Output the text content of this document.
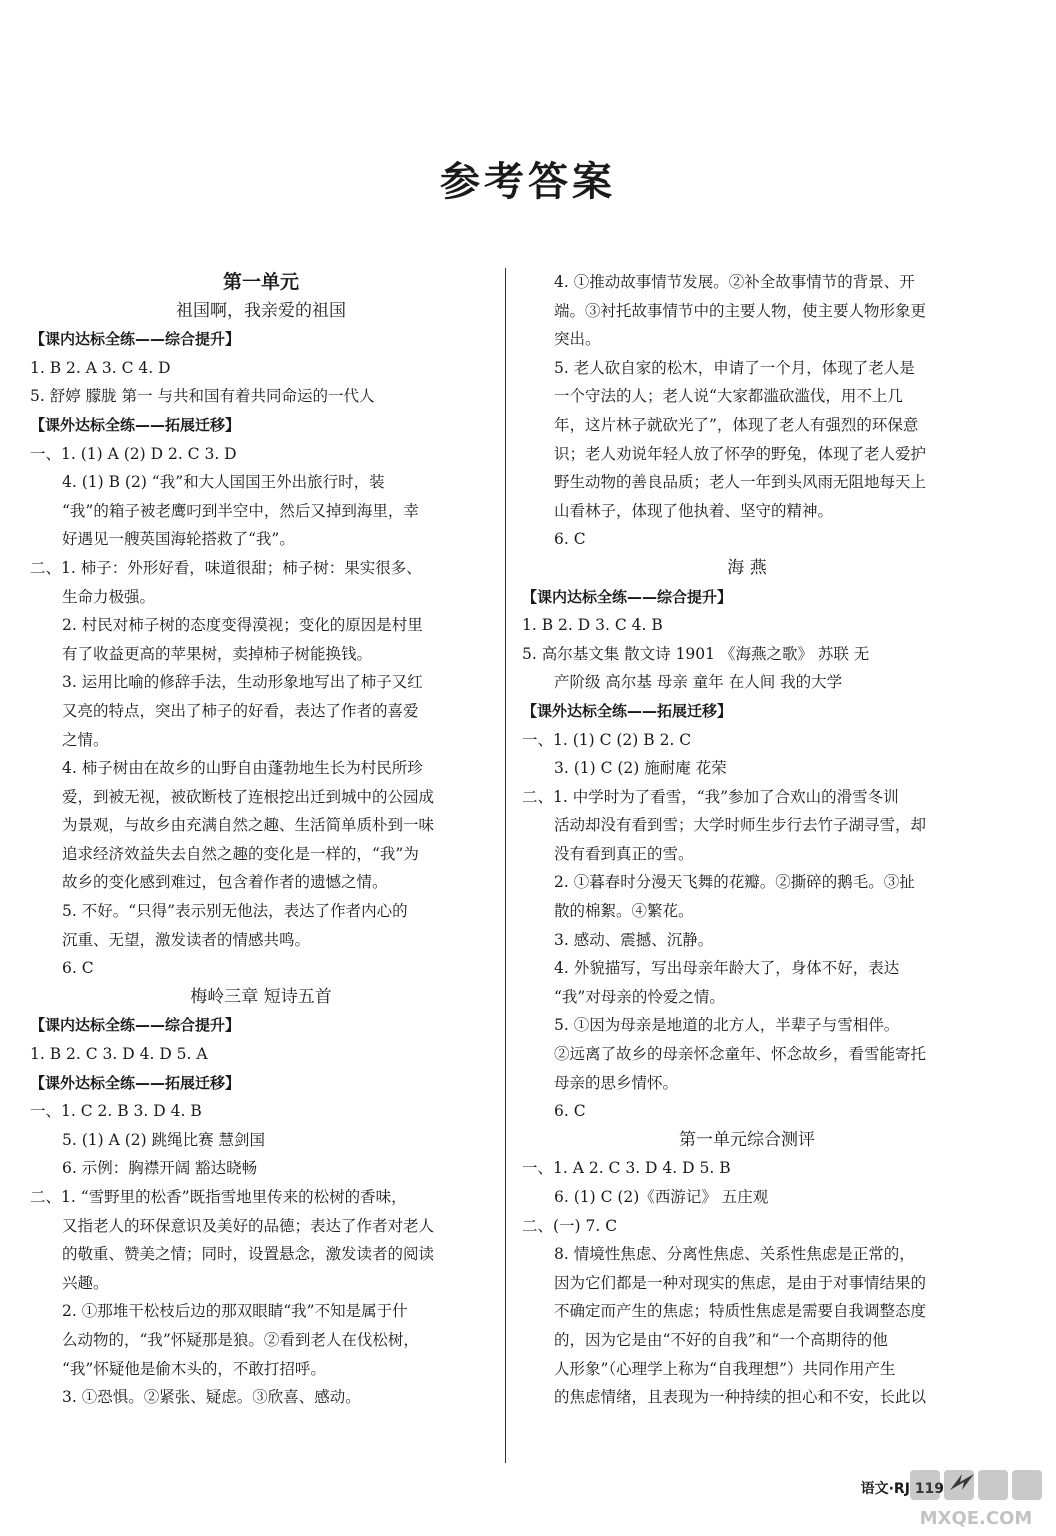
参考答案
第一单元
祖国啊，我亲爱的祖国
【课内达标全练——综合提升】
1. B 2. A 3. C 4. D
5. 舒婷 朦胧 第一 与共和国有着共同命运的一代人
【课外达标全练——拓展迁移】
一、1. (1) A (2) D 2. C 3. D
4. (1) B (2) “我”和大人国国王外出旅行时，装
“我”的箱子被老鹰叼到半空中，然后又掉到海里，幸
好遇见一艘英国海轮搭救了“我”。
二、1. 柿子：外形好看，味道很甜；柿子树：果实很多、
生命力极强。
2. 村民对柿子树的态度变得漠视；变化的原因是村里
有了收益更高的苹果树，卖掉柿子树能换钱。
3. 运用比喻的修辞手法，生动形象地写出了柿子又红
又亮的特点，突出了柿子的好看，表达了作者的喜爱
之情。
4. 柿子树由在故乡的山野自由蓬勃地生长为村民所珍
爱，到被无视，被砍断枝了连根挖出迁到城中的公园成
为景观，与故乡由充满自然之趣、生活简单质朴到一味
追求经济效益失去自然之趣的变化是一样的，“我”为
故乡的变化感到难过，包含着作者的遗憾之情。
5. 不好。“只得”表示别无他法，表达了作者内心的
沉重、无望，激发读者的情感共鸣。
6. C
梅岭三章 短诗五首
【课内达标全练——综合提升】
1. B 2. C 3. D 4. D 5. A
【课外达标全练——拓展迁移】
一、1. C 2. B 3. D 4. B
5. (1) A (2) 跳绳比赛 慧剑国
6. 示例：胸襟开阔 豁达晓畅
二、1. “雪野里的松香”既指雪地里传来的松树的香味，
又指老人的环保意识及美好的品德；表达了作者对老人
的敬重、赞美之情；同时，设置悬念，激发读者的阅读
兴趣。
2. ①那堆干松枝后边的那双眼睛“我”不知是属于什
么动物的，“我”怀疑那是狼。②看到老人在伐松树，
“我”怀疑他是偷木头的，不敢打招呼。
3. ①恐惧。②紧张、疑虑。③欣喜、感动。
4. ①推动故事情节发展。②补全故事情节的背景、开
端。③衬托故事情节中的主要人物，使主要人物形象更
突出。
5. 老人砍自家的松木，申请了一个月，体现了老人是
一个守法的人；老人说“大家都滥砍滥伐，用不上几
年，这片林子就砍光了”，体现了老人有强烈的环保意
识；老人劝说年轻人放了怀孕的野兔，体现了老人爱护
野生动物的善良品质；老人一年到头风雨无阻地每天上
山看林子，体现了他执着、坚守的精神。
6. C
海 燕
【课内达标全练——综合提升】
1. B 2. D 3. C 4. B
5. 高尔基文集 散文诗 1901 《海燕之歌》 苏联 无
产阶级 高尔基 母亲 童年 在人间 我的大学
【课外达标全练——拓展迁移】
一、1. (1) C (2) B 2. C
3. (1) C (2) 施耐庵 花荣
二、1. 中学时为了看雪，“我”参加了合欢山的滑雪冬训
活动却没有看到雪；大学时师生步行去竹子湖寻雪，却
没有看到真正的雪。
2. ①暮春时分漫天飞舞的花瓣。②撕碎的鹅毛。③扯
散的棉絮。④繁花。
3. 感动、震撼、沉静。
4. 外貌描写，写出母亲年龄大了，身体不好，表达
“我”对母亲的怜爱之情。
5. ①因为母亲是地道的北方人，半辈子与雪相伴。
②远离了故乡的母亲怀念童年、怀念故乡，看雪能寄托
母亲的思乡情怀。
6. C
第一单元综合测评
一、1. A 2. C 3. D 4. D 5. B
6. (1) C (2)《西游记》 五庄观
二、(一) 7. C
8. 情境性焦虑、分离性焦虑、关系性焦虑是正常的，
因为它们都是一种对现实的焦虑，是由于对事情结果的
不确定而产生的焦虑；特质性焦虑是需要自我调整态度
的，因为它是由“不好的自我”和“一个高期待的他
人形象”（心理学上称为“自我理想”）共同作用产生
的焦虑情绪，且表现为一种持续的担心和不安，长此以
语文·RJ 119
MXQE.COM
